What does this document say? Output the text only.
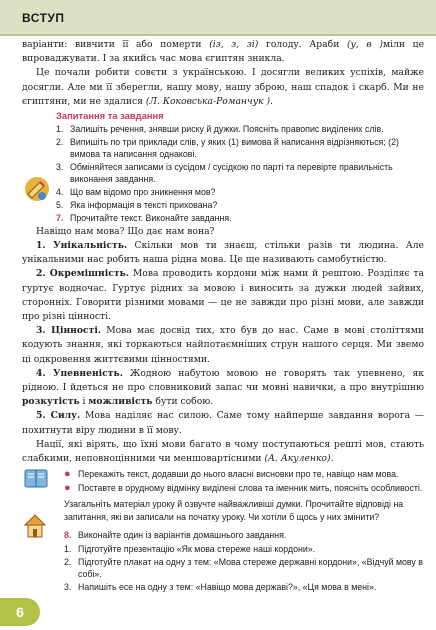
ВСТУП

варіанти: вивчити її або померти (із, з, зі) голоду. Араби (у, в )мілн це впроваджувати. І за якийсь час мова єгиптян зникла.

Це почали робити совєти з українською. І досягли великих успіхів, майже досягли. Але ми її зберегли, нашу мову, нашу зброю, наш спадок і скарб. Ми не єгиптяни, ми не здалися (Л. Коковська-Романчук ).

Запитання та завдання
1. Залишіть речення, знявши риску й дужки. Поясніть правопис виділених слів.
2. Випишіть по три приклади слів, у яких (1) вимова й написання відрізняються; (2) вимова та написання однакові.
3. Обміняйтеся записами із сусідом / сусідкою по парті та перевірте правильність виконання завдання.
4. Що вам відомо про зникнення мов?
5. Яка інформація в тексті прихована?
7. Прочитайте текст. Виконайте завдання.

Навіщо нам мова? Що дає нам вона?

1. Унікальність. Скільки мов ти знаєш, стільки разів ти людина. Але унікальними нас робить наша рідна мова. Це ще називають самобутністю.

2. Окремішність. Мова проводить кордони між нами й рештою. Розділяє та гуртує водночас. Гуртує рідних за мовою і виносить за дужки людей зайвих, сторонніх. Говорити різними мовами — це не завжди про різні мови, але завжди про різні цінності.

3. Цінності. Мова має досвід тих, хто був до нас. Саме в мові століттями кодують знання, які торкаються найпотаємніших струн нашого серця. Ми звемо ці одкровення життєвими цінностями.

4. Упевненість. Жодною набутою мовою не говорять так упевнено, як рідною. І йдеться не про словниковий запас чи мовні навички, а про внутрішню розкутість і можливість бути собою.

5. Силу. Мова наділяє нас силою. Саме тому найперше завдання ворога — похитнути віру людини в її мову.

Нації, які вірять, що їхні мови багато в чому поступаються решті мов, стають слабкими, неповноцінними чи меншовартісними (А. Акуленко).

● Перекажіть текст, додавши до нього власні висновки про те, навіщо нам мова.
● Поставте в орудному відмінку виділені слова та іменник мить, поясніть особливості.
Узагальніть матеріал уроку й озвучте найважливіші думки. Прочитайте відповіді на запитання, які ви записали на початку уроку. Чи хотіли б щось у них змінити?
8. Виконайте один із варіантів домашнього завдання.
1. Підготуйте презентацію «Як мова стереже наші кордони».
2. Підготуйте плакат на одну з тем: «Мова стереже державні кордони», «Відчуй мову в собі».
3. Напишіть есе на одну з тем: «Навіщо мова державі?», «Ця мова в мені».
6
